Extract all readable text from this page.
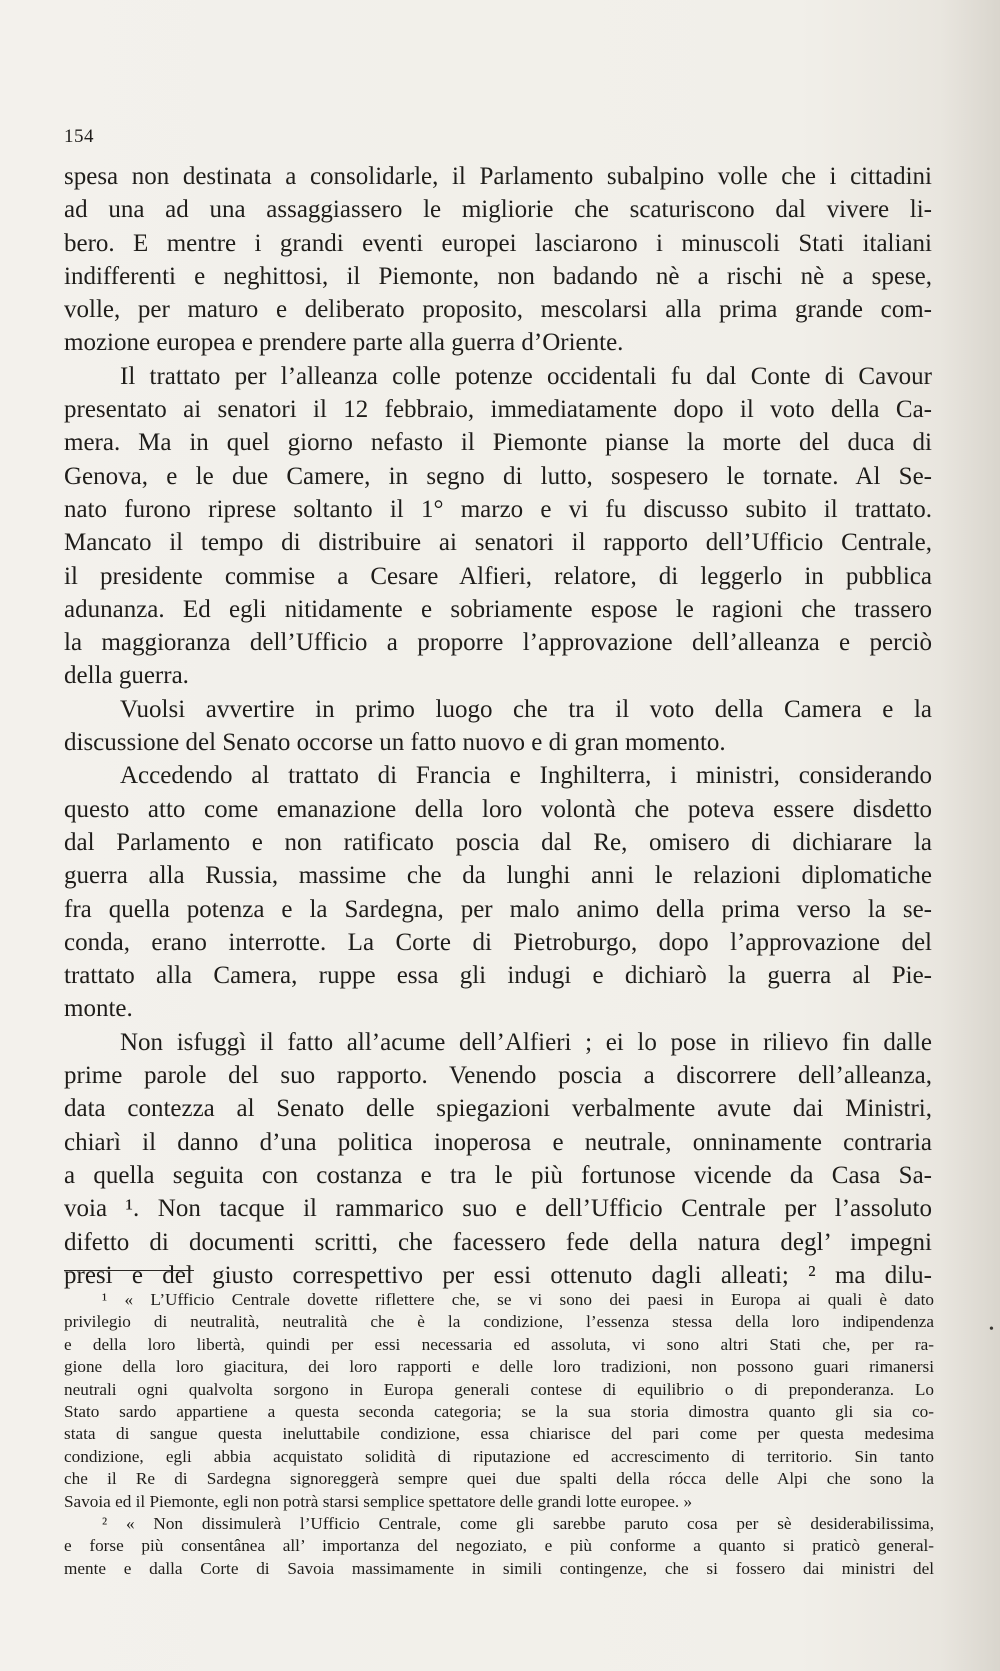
154
spesa non destinata a consolidarle, il Parlamento subalpino volle che i cittadini
ad una ad una assaggiassero le migliorie che scaturiscono dal vivere li-
bero. E mentre i grandi eventi europei lasciarono i minuscoli Stati italiani
indifferenti e neghittosi, il Piemonte, non badando nè a rischi nè a spese,
volle, per maturo e deliberato proposito, mescolarsi alla prima grande com-
mozione europea e prendere parte alla guerra d’Oriente.
Il trattato per l’alleanza colle potenze occidentali fu dal Conte di Cavour
presentato ai senatori il 12 febbraio, immediatamente dopo il voto della Ca-
mera. Ma in quel giorno nefasto il Piemonte pianse la morte del duca di
Genova, e le due Camere, in segno di lutto, sospesero le tornate. Al Se-
nato furono riprese soltanto il 1° marzo e vi fu discusso subito il trattato.
Mancato il tempo di distribuire ai senatori il rapporto dell’Ufficio Centrale,
il presidente commise a Cesare Alfieri, relatore, di leggerlo in pubblica
adunanza. Ed egli nitidamente e sobriamente espose le ragioni che trassero
la maggioranza dell’Ufficio a proporre l’approvazione dell’alleanza e perciò
della guerra.
Vuolsi avvertire in primo luogo che tra il voto della Camera e la
discussione del Senato occorse un fatto nuovo e di gran momento.
Accedendo al trattato di Francia e Inghilterra, i ministri, considerando
questo atto come emanazione della loro volontà che poteva essere disdetto
dal Parlamento e non ratificato poscia dal Re, omisero di dichiarare la
guerra alla Russia, massime che da lunghi anni le relazioni diplomatiche
fra quella potenza e la Sardegna, per malo animo della prima verso la se-
conda, erano interrotte. La Corte di Pietroburgo, dopo l’approvazione del
trattato alla Camera, ruppe essa gli indugi e dichiarò la guerra al Pie-
monte.
Non isfuggì il fatto all’acume dell’Alfieri ; ei lo pose in rilievo fin dalle
prime parole del suo rapporto. Venendo poscia a discorrere dell’alleanza,
data contezza al Senato delle spiegazioni verbalmente avute dai Ministri,
chiarì il danno d’una politica inoperosa e neutrale, onninamente contraria
a quella seguita con costanza e tra le più fortunose vicende da Casa Sa-
voia ¹. Non tacque il rammarico suo e dell’Ufficio Centrale per l’assoluto
difetto di documenti scritti, che facessero fede della natura degl’ impegni
presi e del giusto correspettivo per essi ottenuto dagli alleati; ² ma dilu-
¹ « L’Ufficio Centrale dovette riflettere che, se vi sono dei paesi in Europa ai quali è dato
privilegio di neutralità, neutralità che è la condizione, l’essenza stessa della loro indipendenza
e della loro libertà, quindi per essi necessaria ed assoluta, vi sono altri Stati che, per ra-
gione della loro giacitura, dei loro rapporti e delle loro tradizioni, non possono guari rimanersi
neutrali ogni qualvolta sorgono in Europa generali contese di equilibrio o di preponderanza. Lo
Stato sardo appartiene a questa seconda categoria; se la sua storia dimostra quanto gli sia co-
stata di sangue questa ineluttabile condizione, essa chiarisce del pari come per questa medesima
condizione, egli abbia acquistato solidità di riputazione ed accrescimento di territorio. Sin tanto
che il Re di Sardegna signoreggerà sempre quei due spalti della rócca delle Alpi che sono la
Savoia ed il Piemonte, egli non potrà starsi semplice spettatore delle grandi lotte europee. »
² « Non dissimulerà l’Ufficio Centrale, come gli sarebbe paruto cosa per sè desiderabilissima,
e forse più consentânea all’ importanza del negoziato, e più conforme a quanto si praticò general-
mente e dalla Corte di Savoia massimamente in simili contingenze, che si fossero dai ministri del
•
